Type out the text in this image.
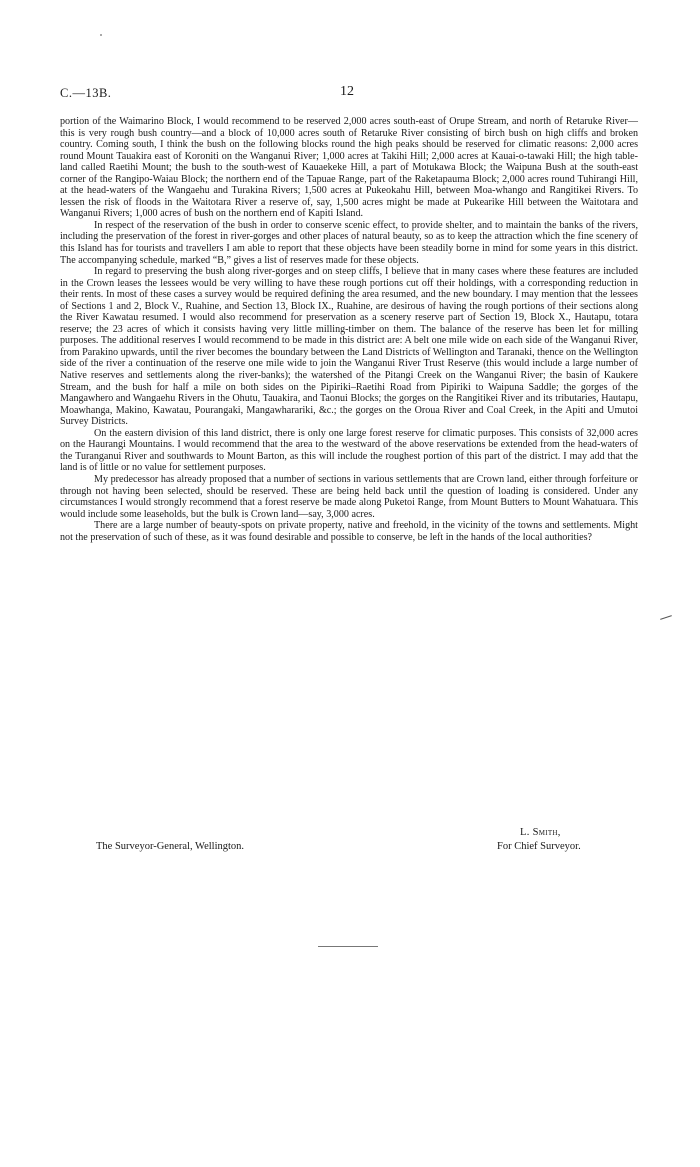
C.—13B.	12

portion of the Waimarino Block, I would recommend to be reserved 2,000 acres south-east of Orupe Stream, and north of Retaruke River—this is very rough bush country—and a block of 10,000 acres south of Retaruke River consisting of birch bush on high cliffs and broken country. Coming south, I think the bush on the following blocks round the high peaks should be reserved for climatic reasons: 2,000 acres round Mount Tauakira east of Koroniti on the Wanganui River; 1,000 acres at Takihi Hill; 2,000 acres at Kauai-o-tawaki Hill; the high table-land called Raetihi Mount; the bush to the south-west of Kauaekeke Hill, a part of Motukawa Block; the Waipuna Bush at the south-east corner of the Rangipo-Waiau Block; the northern end of the Tapuae Range, part of the Raketapauma Block; 2,000 acres round Tuhirangi Hill, at the head-waters of the Wangaehu and Turakina Rivers; 1,500 acres at Pukeokahu Hill, between Moa-whango and Rangitikei Rivers. To lessen the risk of floods in the Waitotara River a reserve of, say, 1,500 acres might be made at Pukearike Hill between the Waitotara and Wanganui Rivers; 1,000 acres of bush on the northern end of Kapiti Island.

In respect of the reservation of the bush in order to conserve scenic effect, to provide shelter, and to maintain the banks of the rivers, including the preservation of the forest in river-gorges and other places of natural beauty, so as to keep the attraction which the fine scenery of this Island has for tourists and travellers I am able to report that these objects have been steadily borne in mind for some years in this district. The accompanying schedule, marked “B,” gives a list of reserves made for these objects.

In regard to preserving the bush along river-gorges and on steep cliffs, I believe that in many cases where these features are included in the Crown leases the lessees would be very willing to have these rough portions cut off their holdings, with a corresponding reduction in their rents. In most of these cases a survey would be required defining the area resumed, and the new boundary. I may mention that the lessees of Sections 1 and 2, Block V., Ruahine, and Section 13, Block IX., Ruahine, are desirous of having the rough portions of their sections along the River Kawatau resumed. I would also recommend for preservation as a scenery reserve part of Section 19, Block X., Hautapu, totara reserve; the 23 acres of which it consists having very little milling-timber on them. The balance of the reserve has been let for milling purposes. The additional reserves I would recommend to be made in this district are: A belt one mile wide on each side of the Wanganui River, from Parakino upwards, until the river becomes the boundary between the Land Districts of Wellington and Taranaki, thence on the Wellington side of the river a continuation of the reserve one mile wide to join the Wanganui River Trust Reserve (this would include a large number of Native reserves and settlements along the river-banks); the watershed of the Pitangi Creek on the Wanganui River; the basin of Kaukere Stream, and the bush for half a mile on both sides on the Pipiriki–Raetihi Road from Pipiriki to Waipuna Saddle; the gorges of the Mangawhero and Wangaehu Rivers in the Ohutu, Tauakira, and Taonui Blocks; the gorges on the Rangitikei River and its tributaries, Hautapu, Moawhanga, Makino, Kawatau, Pourangaki, Mangawharariki, &c.; the gorges on the Oroua River and Coal Creek, in the Apiti and Umutoi Survey Districts.

On the eastern division of this land district, there is only one large forest reserve for climatic purposes. This consists of 32,000 acres on the Haurangi Mountains. I would recommend that the area to the westward of the above reservations be extended from the head-waters of the Turanganui River and southwards to Mount Barton, as this will include the roughest portion of this part of the district. I may add that the land is of little or no value for settlement purposes.

My predecessor has already proposed that a number of sections in various settlements that are Crown land, either through forfeiture or through not having been selected, should be reserved. These are being held back until the question of loading is considered. Under any circumstances I would strongly recommend that a forest reserve be made along Puketoi Range, from Mount Butters to Mount Wahatuara. This would include some leaseholds, but the bulk is Crown land—say, 3,000 acres.

There are a large number of beauty-spots on private property, native and freehold, in the vicinity of the towns and settlements. Might not the preservation of such of these, as it was found desirable and possible to conserve, be left in the hands of the local authorities?

L. Smith,
For Chief Surveyor.
The Surveyor-General, Wellington.
